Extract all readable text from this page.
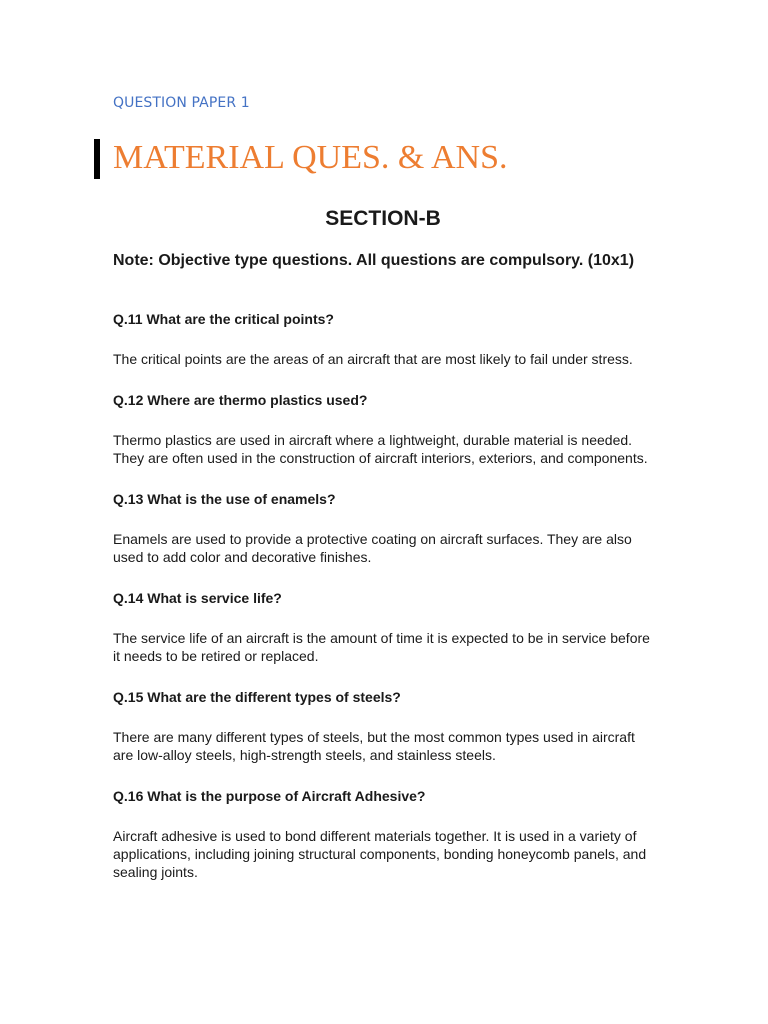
QUESTION PAPER 1
MATERIAL QUES. & ANS.
SECTION-B
Note: Objective type questions. All questions are compulsory. (10x1)

Q.11 What are the critical points?

The critical points are the areas of an aircraft that are most likely to fail under stress.

Q.12 Where are thermo plastics used?

Thermo plastics are used in aircraft where a lightweight, durable material is needed. They are often used in the construction of aircraft interiors, exteriors, and components.

Q.13 What is the use of enamels?

Enamels are used to provide a protective coating on aircraft surfaces. They are also used to add color and decorative finishes.

Q.14 What is service life?

The service life of an aircraft is the amount of time it is expected to be in service before it needs to be retired or replaced.

Q.15 What are the different types of steels?

There are many different types of steels, but the most common types used in aircraft are low-alloy steels, high-strength steels, and stainless steels.

Q.16 What is the purpose of Aircraft Adhesive?

Aircraft adhesive is used to bond different materials together. It is used in a variety of applications, including joining structural components, bonding honeycomb panels, and sealing joints.
